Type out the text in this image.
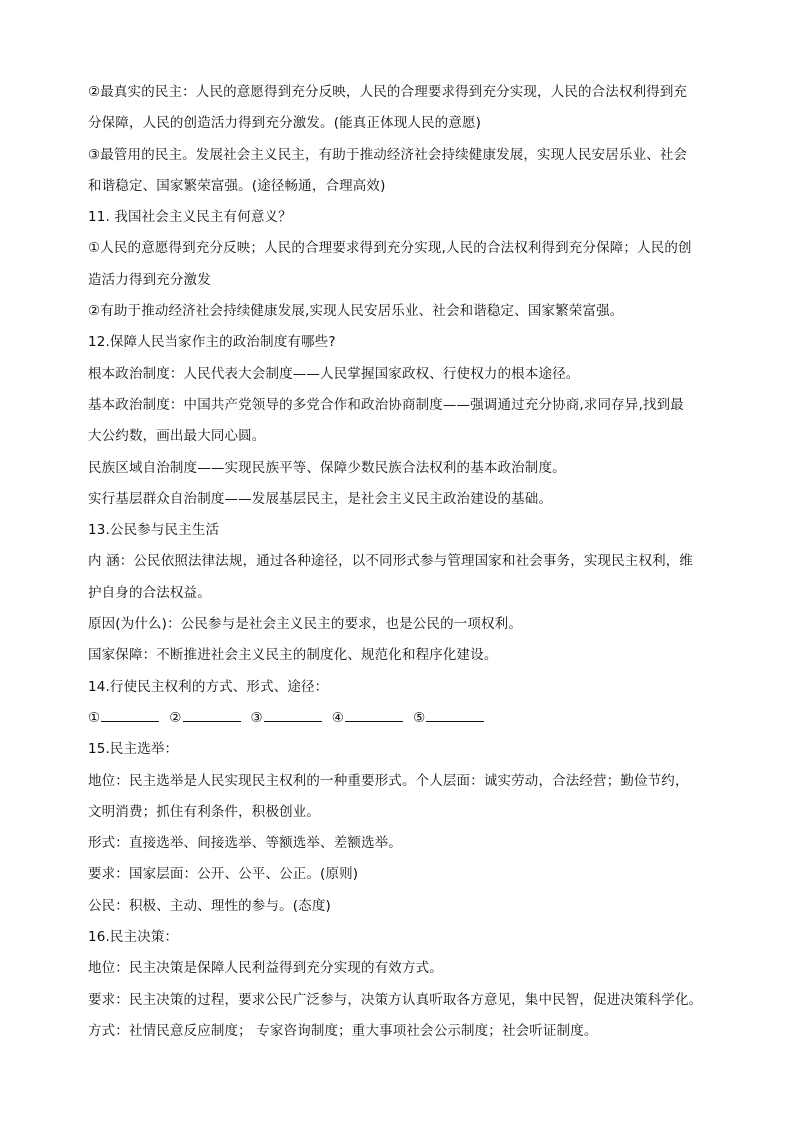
②最真实的民主：人民的意愿得到充分反映，人民的合理要求得到充分实现，人民的合法权利得到充
分保障，人民的创造活力得到充分激发。(能真正体现人民的意愿)
③最管用的民主。发展社会主义民主，有助于推动经济社会持续健康发展，实现人民安居乐业、社会
和谐稳定、国家繁荣富强。(途径畅通，合理高效)
11. 我国社会主义民主有何意义？
①人民的意愿得到充分反映；人民的合理要求得到充分实现,人民的合法权利得到充分保障；人民的创
造活力得到充分激发
②有助于推动经济社会持续健康发展,实现人民安居乐业、社会和谐稳定、国家繁荣富强。
12.保障人民当家作主的政治制度有哪些?
根本政治制度：人民代表大会制度——人民掌握国家政权、行使权力的根本途径。
基本政治制度：中国共产党领导的多党合作和政治协商制度——强调通过充分协商,求同存异,找到最
大公约数，画出最大同心圆。
民族区域自治制度——实现民族平等、保障少数民族合法权利的基本政治制度。
实行基层群众自治制度——发展基层民主，是社会主义民主政治建设的基础。
13.公民参与民主生活
内 涵：公民依照法律法规，通过各种途径，以不同形式参与管理国家和社会事务，实现民主权利，维
护自身的合法权益。
原因(为什么)：公民参与是社会主义民主的要求，也是公民的一项权利。
国家保障：不断推进社会主义民主的制度化、规范化和程序化建设。
14.行使民主权利的方式、形式、途径：
①	②	③	④	⑤
15.民主选举：
地位：民主选举是人民实现民主权利的一种重要形式。个人层面：诚实劳动，合法经营；勤俭节约，
文明消费；抓住有利条件，积极创业。
形式：直接选举、间接选举、等额选举、差额选举。
要求：国家层面：公开、公平、公正。(原则)
公民：积极、主动、理性的参与。(态度)
16.民主决策：
地位：民主决策是保障人民利益得到充分实现的有效方式。
要求：民主决策的过程，要求公民广泛参与，决策方认真听取各方意见，集中民智，促进决策科学化。
方式：社情民意反应制度； 专家咨询制度；重大事项社会公示制度；社会听证制度。
